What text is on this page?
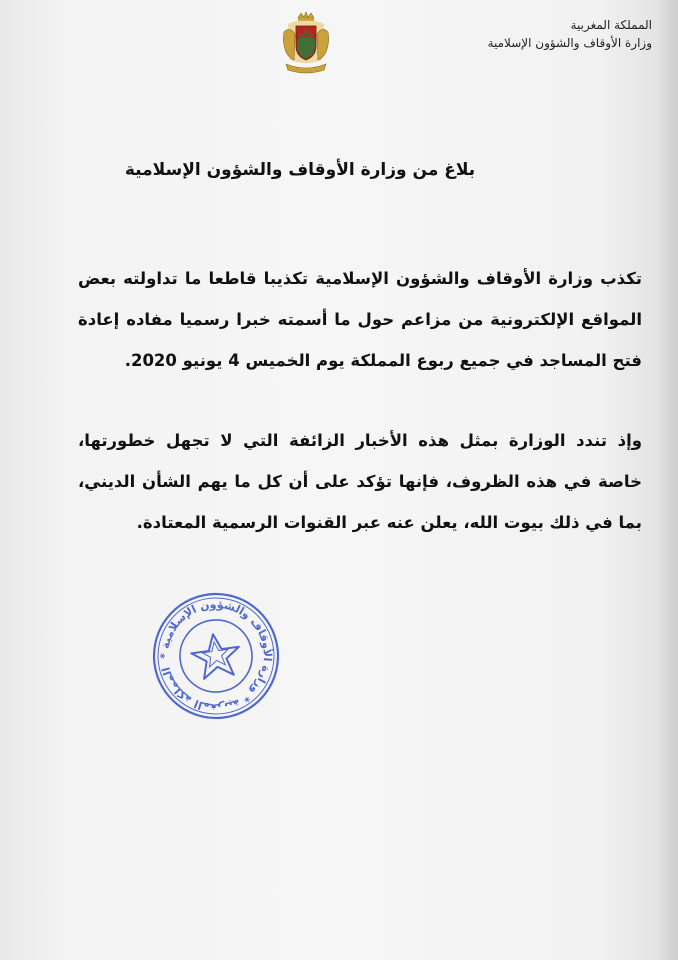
المملكة المغربية
وزارة الأوقاف والشؤون الإسلامية
بلاغ من وزارة الأوقاف والشؤون الإسلامية
تكذب وزارة الأوقاف والشؤون الإسلامية تكذيبا قاطعا ما تداولته بعض المواقع الإلكترونية من مزاعم حول ما أسمته خبرا رسميا مفاده إعادة فتح المساجد في جميع ربوع المملكة يوم الخميس 4 يونيو 2020.
وإذ تندد الوزارة بمثل هذه الأخبار الزائفة التي لا تجهل خطورتها، خاصة في هذه الظروف، فإنها تؤكد على أن كل ما يهم الشأن الديني، بما في ذلك بيوت الله، يعلن عنه عبر القنوات الرسمية المعتادة.
المملكة المغربية * وزارة الأوقاف والشؤون الإسلامية *
